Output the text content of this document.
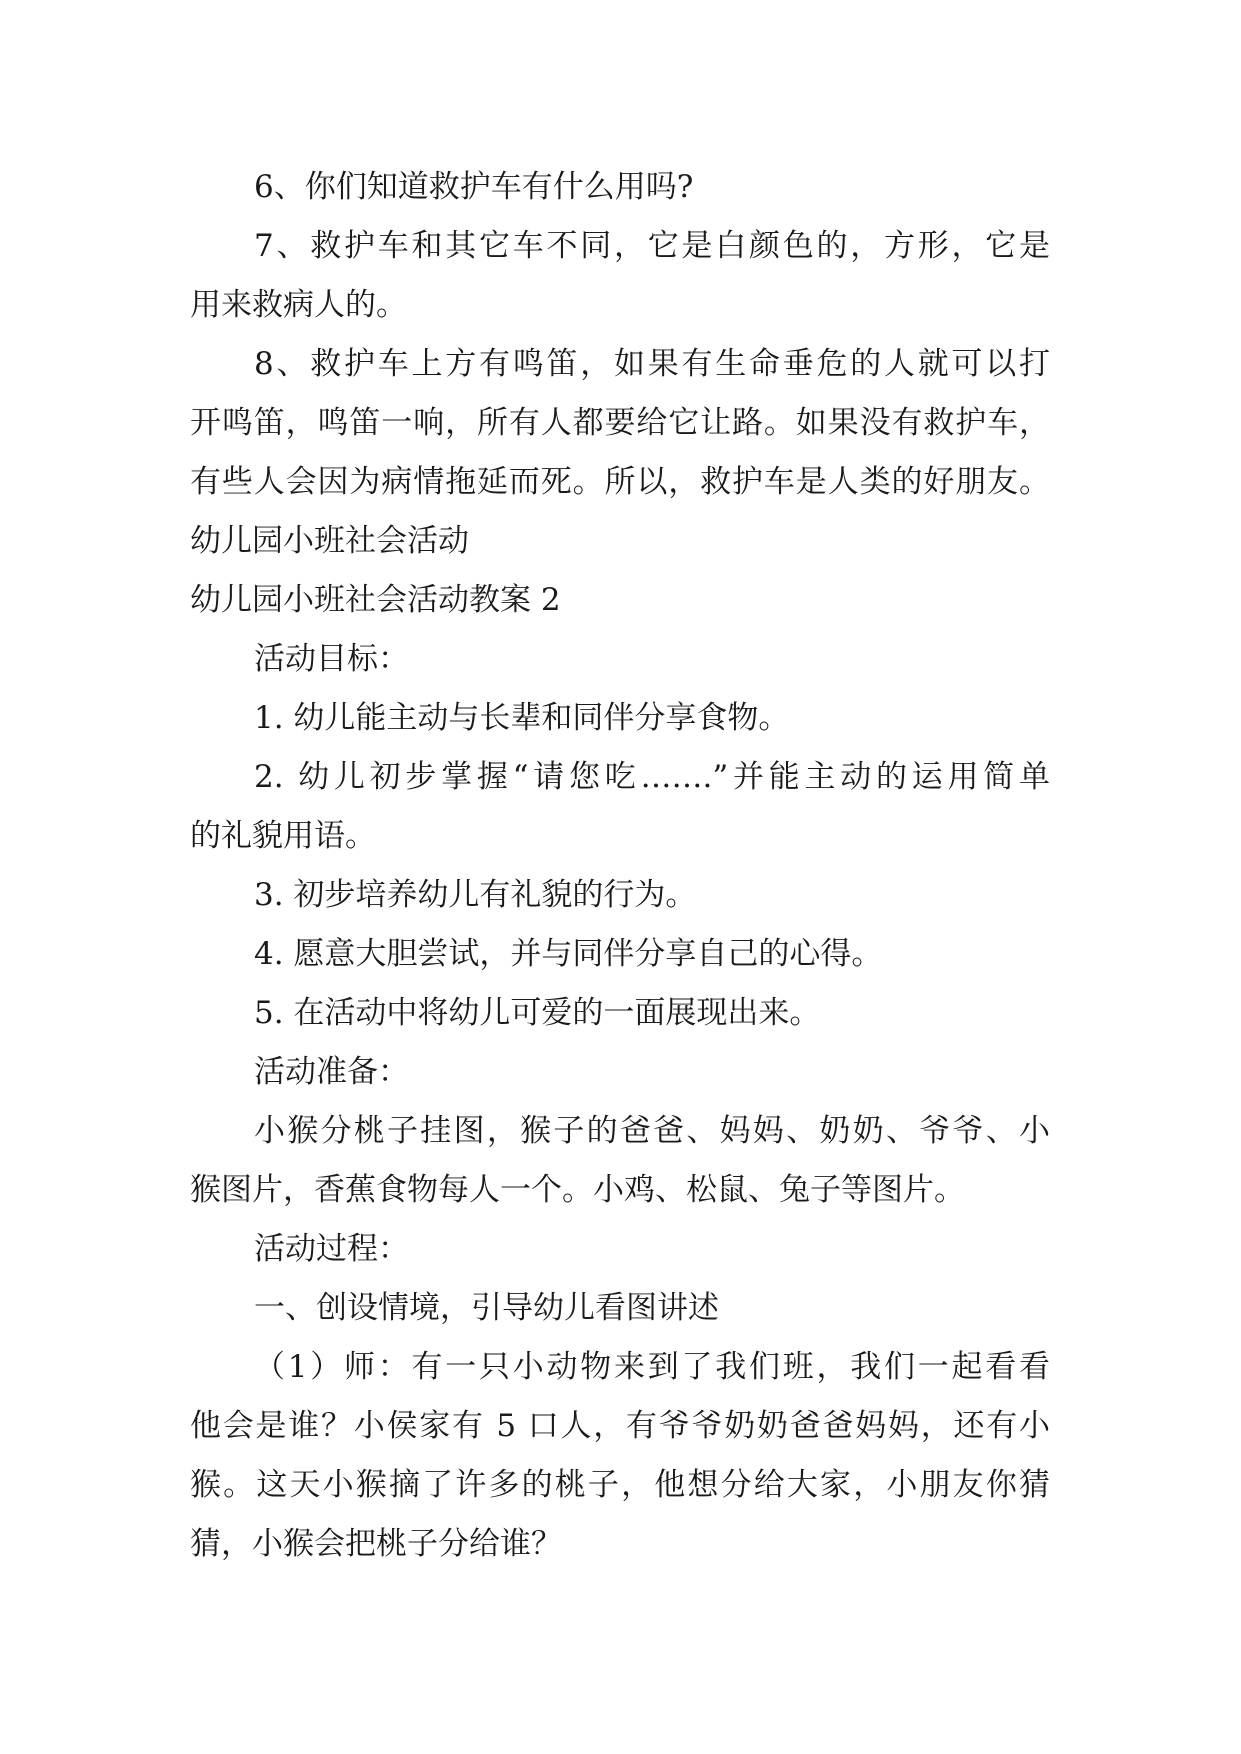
6、你们知道救护车有什么用吗?
7、救护车和其它车不同，它是白颜色的，方形，它是
用来救病人的。
8、救护车上方有鸣笛，如果有生命垂危的人就可以打
开鸣笛，鸣笛一响，所有人都要给它让路。如果没有救护车，
有些人会因为病情拖延而死。所以，救护车是人类的好朋友。
幼儿园小班社会活动
幼儿园小班社会活动教案 2
活动目标：
1. 幼儿能主动与长辈和同伴分享食物。
2. 幼儿初步掌握“请您吃…….”并能主动的运用简单
的礼貌用语。
3. 初步培养幼儿有礼貌的行为。
4. 愿意大胆尝试，并与同伴分享自己的心得。
5. 在活动中将幼儿可爱的一面展现出来。
活动准备：
小猴分桃子挂图，猴子的爸爸、妈妈、奶奶、爷爷、小
猴图片，香蕉食物每人一个。小鸡、松鼠、兔子等图片。
活动过程：
一、创设情境，引导幼儿看图讲述
（1）师：有一只小动物来到了我们班，我们一起看看
他会是谁？小侯家有 5 口人，有爷爷奶奶爸爸妈妈，还有小
猴。这天小猴摘了许多的桃子，他想分给大家，小朋友你猜
猜，小猴会把桃子分给谁？
